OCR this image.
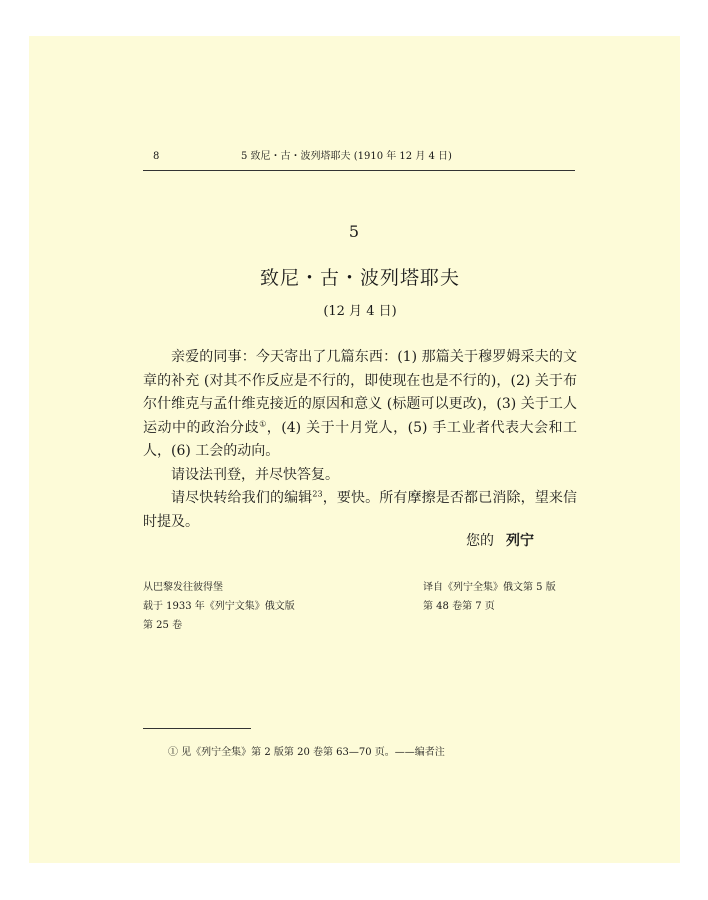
8	5 致尼・古・波列塔耶夫 (1910 年 12 月 4 日)
5
致尼・古・波列塔耶夫
(12 月 4 日)

亲爱的同事：今天寄出了几篇东西：(1) 那篇关于穆罗姆采夫的文章的补充 (对其不作反应是不行的，即使现在也是不行的)，(2) 关于布尔什维克与孟什维克接近的原因和意义 (标题可以更改)，(3) 关于工人运动中的政治分歧①，(4) 关于十月党人，(5) 手工业者代表大会和工人，(6) 工会的动向。

请设法刊登，并尽快答复。

请尽快转给我们的编辑$^{23}$，要快。所有摩擦是否都已消除，望来信时提及。

您的 列宁
从巴黎发往彼得堡
载于 1933 年《列宁文集》俄文版
第 25 卷
译自《列宁全集》俄文第 5 版
第 48 卷第 7 页
① 见《列宁全集》第 2 版第 20 卷第 63—70 页。——编者注
